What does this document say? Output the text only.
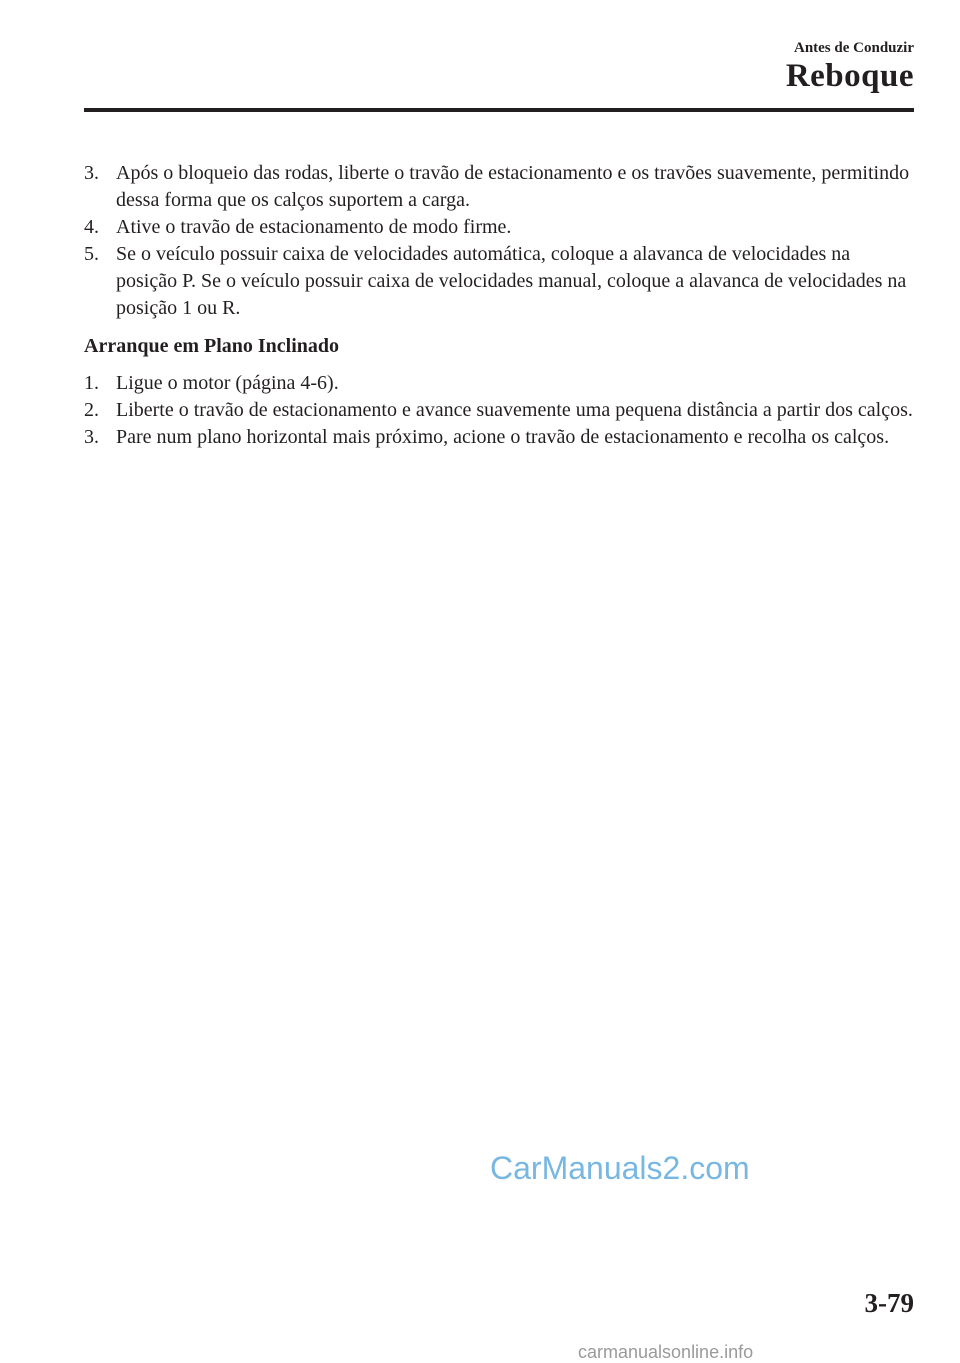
Antes de Conduzir
Reboque
3. Após o bloqueio das rodas, liberte o travão de estacionamento e os travões suavemente, permitindo dessa forma que os calços suportem a carga.
4. Ative o travão de estacionamento de modo firme.
5. Se o veículo possuir caixa de velocidades automática, coloque a alavanca de velocidades na posição P. Se o veículo possuir caixa de velocidades manual, coloque a alavanca de velocidades na posição 1 ou R.
Arranque em Plano Inclinado
1. Ligue o motor (página 4-6).
2. Liberte o travão de estacionamento e avance suavemente uma pequena distância a partir dos calços.
3. Pare num plano horizontal mais próximo, acione o travão de estacionamento e recolha os calços.
CarManuals2.com
3-79
carmanualsonline.info
